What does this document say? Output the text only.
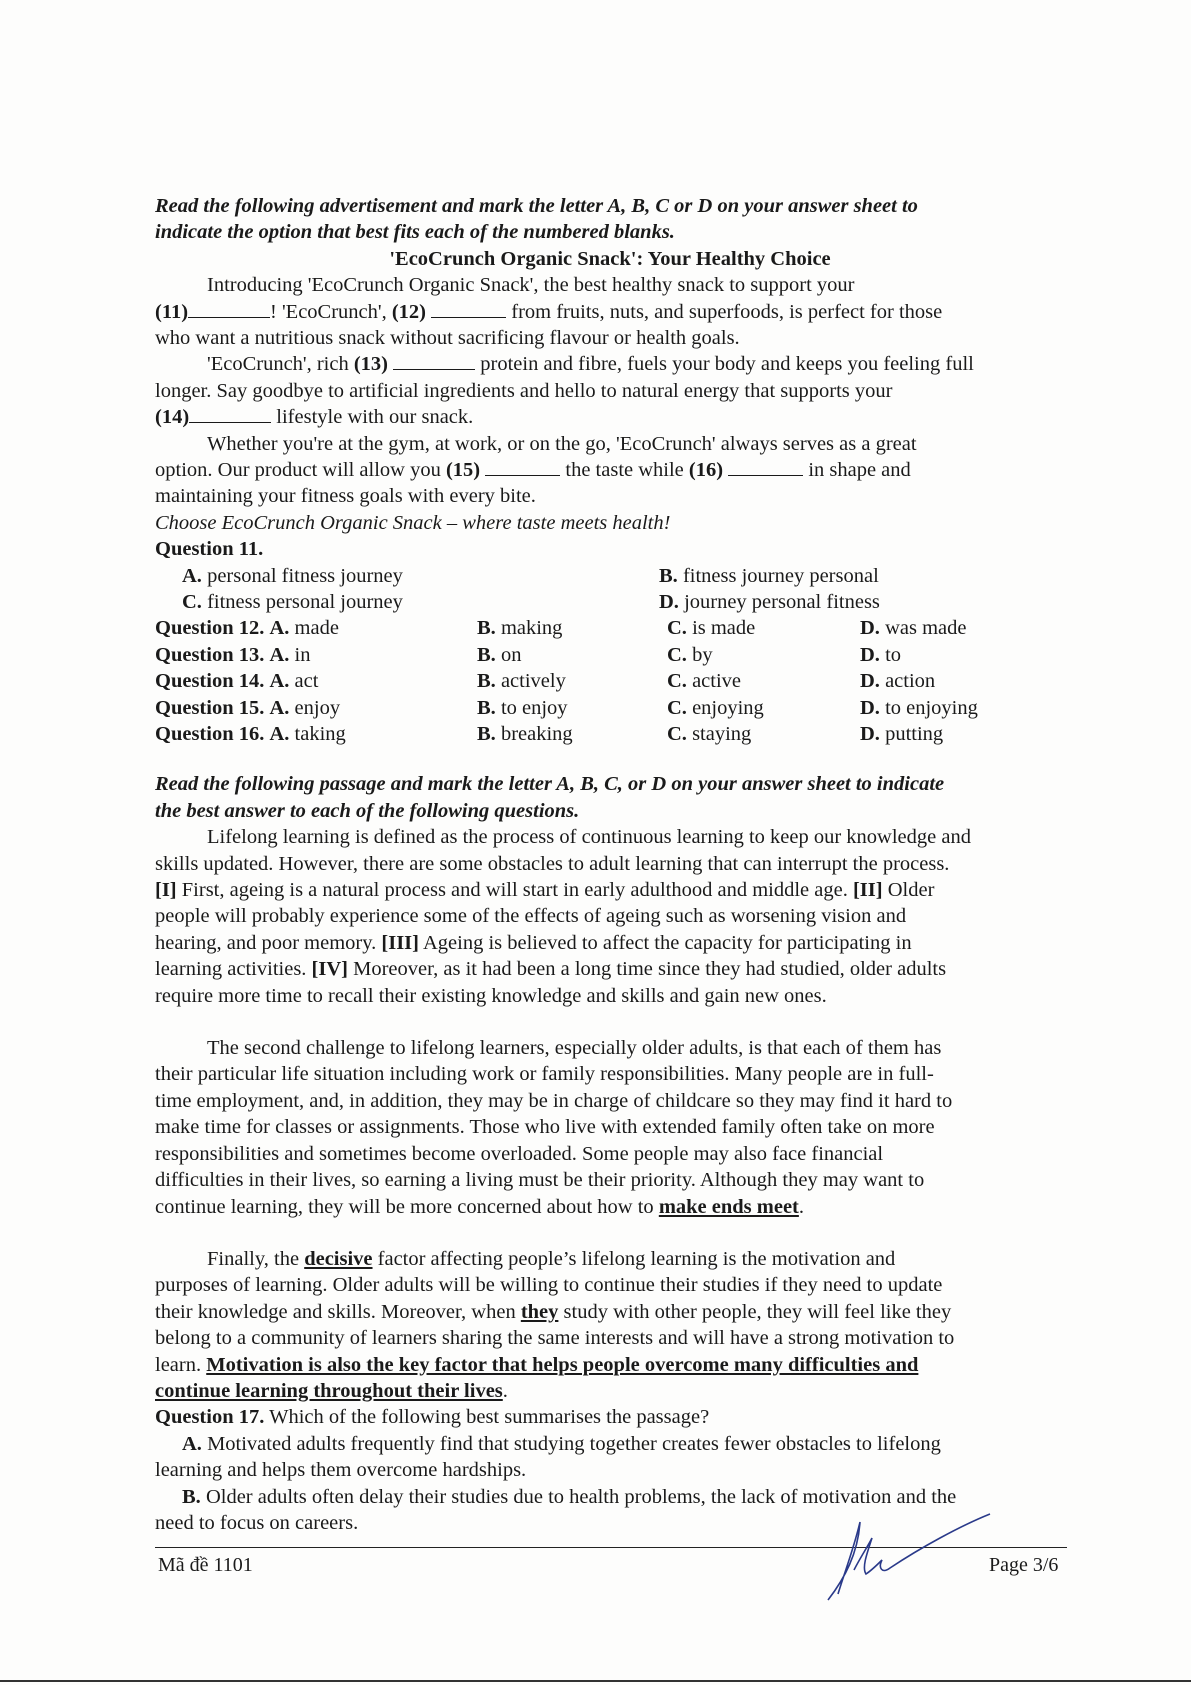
Read the following advertisement and mark the letter A, B, C or D on your answer sheet to
indicate the option that best fits each of the numbered blanks.
'EcoCrunch Organic Snack': Your Healthy Choice
Introducing 'EcoCrunch Organic Snack', the best healthy snack to support your
(11)	! 'EcoCrunch', (12)	from fruits, nuts, and superfoods, is perfect for those
who want a nutritious snack without sacrificing flavour or health goals.
'EcoCrunch', rich (13)	protein and fibre, fuels your body and keeps you feeling full
longer. Say goodbye to artificial ingredients and hello to natural energy that supports your
(14)	lifestyle with our snack.
Whether you're at the gym, at work, or on the go, 'EcoCrunch' always serves as a great
option. Our product will allow you (15)	the taste while (16)	in shape and
maintaining your fitness goals with every bite.
Choose EcoCrunch Organic Snack – where taste meets health!
Question 11.
A. personal fitness journey	B. fitness journey personal
C. fitness personal journey	D. journey personal fitness
Question 12. A. made	B. making	C. is made	D. was made
Question 13. A. in	B. on	C. by	D. to
Question 14. A. act	B. actively	C. active	D. action
Question 15. A. enjoy	B. to enjoy	C. enjoying	D. to enjoying
Question 16. A. taking	B. breaking	C. staying	D. putting
Read the following passage and mark the letter A, B, C, or D on your answer sheet to indicate
the best answer to each of the following questions.
Lifelong learning is defined as the process of continuous learning to keep our knowledge and
skills updated. However, there are some obstacles to adult learning that can interrupt the process.
[I] First, ageing is a natural process and will start in early adulthood and middle age. [II] Older
people will probably experience some of the effects of ageing such as worsening vision and
hearing, and poor memory. [III] Ageing is believed to affect the capacity for participating in
learning activities. [IV] Moreover, as it had been a long time since they had studied, older adults
require more time to recall their existing knowledge and skills and gain new ones.
The second challenge to lifelong learners, especially older adults, is that each of them has
their particular life situation including work or family responsibilities. Many people are in full-
time employment, and, in addition, they may be in charge of childcare so they may find it hard to
make time for classes or assignments. Those who live with extended family often take on more
responsibilities and sometimes become overloaded. Some people may also face financial
difficulties in their lives, so earning a living must be their priority. Although they may want to
continue learning, they will be more concerned about how to make ends meet.
Finally, the decisive factor affecting people’s lifelong learning is the motivation and
purposes of learning. Older adults will be willing to continue their studies if they need to update
their knowledge and skills. Moreover, when they study with other people, they will feel like they
belong to a community of learners sharing the same interests and will have a strong motivation to
learn. Motivation is also the key factor that helps people overcome many difficulties and
continue learning throughout their lives.
Question 17. Which of the following best summarises the passage?
A. Motivated adults frequently find that studying together creates fewer obstacles to lifelong
learning and helps them overcome hardships.
B. Older adults often delay their studies due to health problems, the lack of motivation and the
need to focus on careers.
Mã đề 1101	Page 3/6
